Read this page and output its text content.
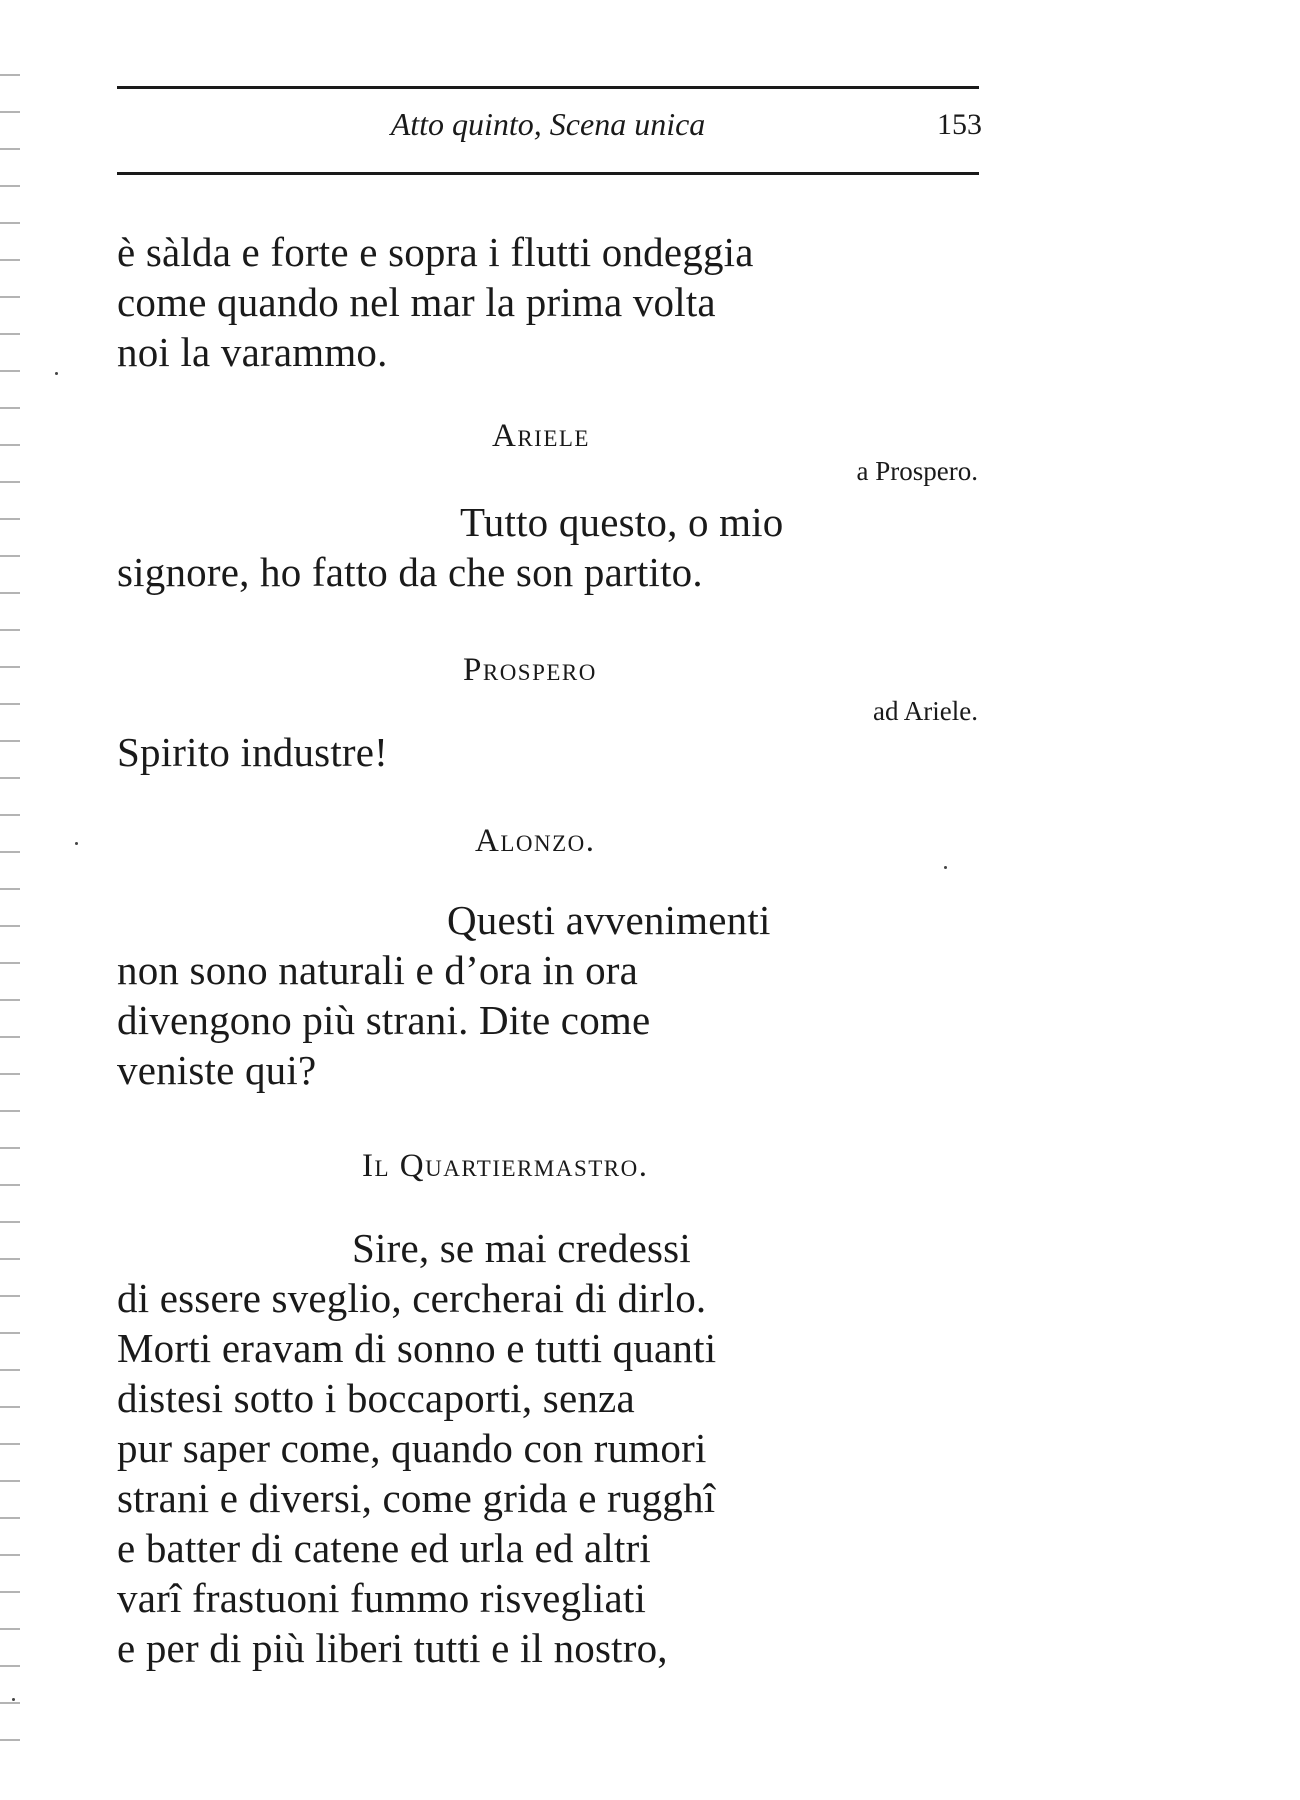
Atto quinto, Scena unica	153
è sàlda e forte e sopra i flutti ondeggia
come quando nel mar la prima volta
noi la varammo.
Ariele
a Prospero.
Tutto questo, o mio
signore, ho fatto da che son partito.
Prospero
ad Ariele.
Spirito industre!
Alonzo.
Questi avvenimenti
non sono naturali e d’ora in ora
divengono più strani. Dite come
veniste qui?
Il Quartiermastro.
Sire, se mai credessi
di essere sveglio, cercherai di dirlo.
Morti eravam di sonno e tutti quanti
distesi sotto i boccaporti, senza
pur saper come, quando con rumori
strani e diversi, come grida e rugghî
e batter di catene ed urla ed altri
varî frastuoni fummo risvegliati
e per di più liberi tutti e il nostro,
